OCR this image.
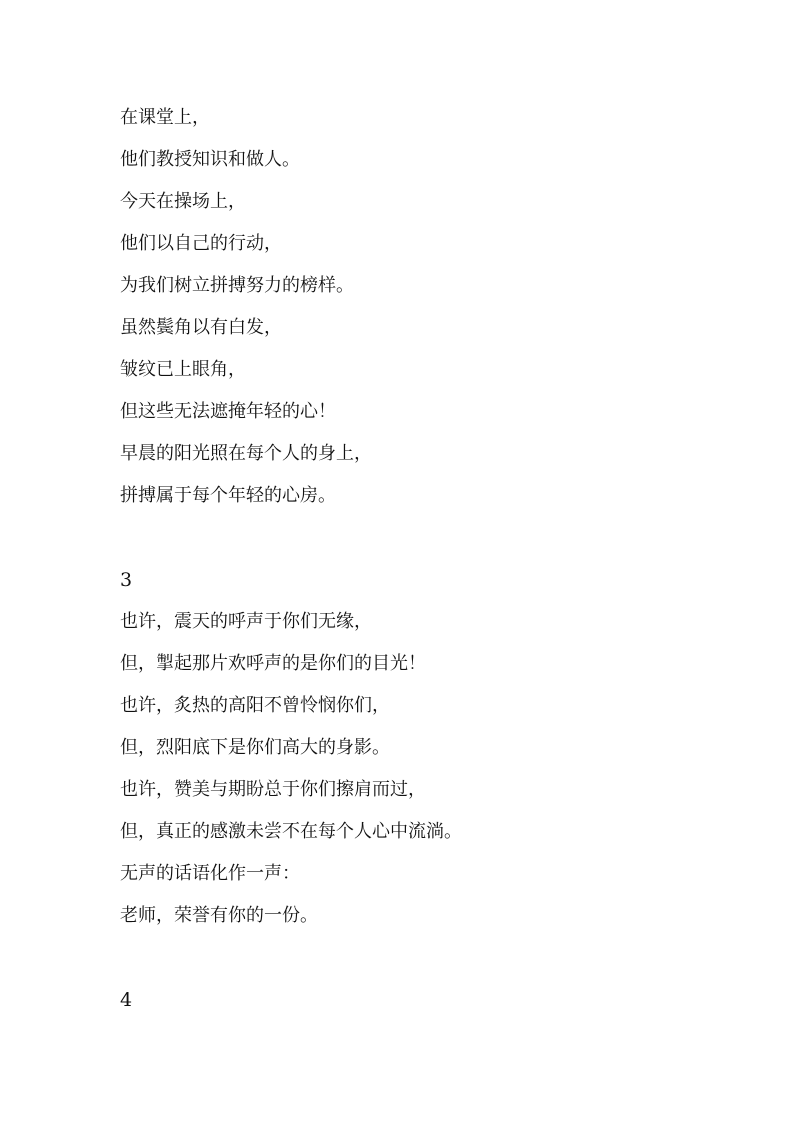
在课堂上，
他们教授知识和做人。
今天在操场上，
他们以自己的行动，
为我们树立拼搏努力的榜样。
虽然鬓角以有白发，
皱纹已上眼角，
但这些无法遮掩年轻的心！
早晨的阳光照在每个人的身上，
拼搏属于每个年轻的心房。
3
也许，震天的呼声于你们无缘，
但，掣起那片欢呼声的是你们的目光！
也许，炙热的高阳不曾怜悯你们，
但，烈阳底下是你们高大的身影。
也许，赞美与期盼总于你们擦肩而过，
但，真正的感激未尝不在每个人心中流淌。
无声的话语化作一声：
老师，荣誉有你的一份。
4
